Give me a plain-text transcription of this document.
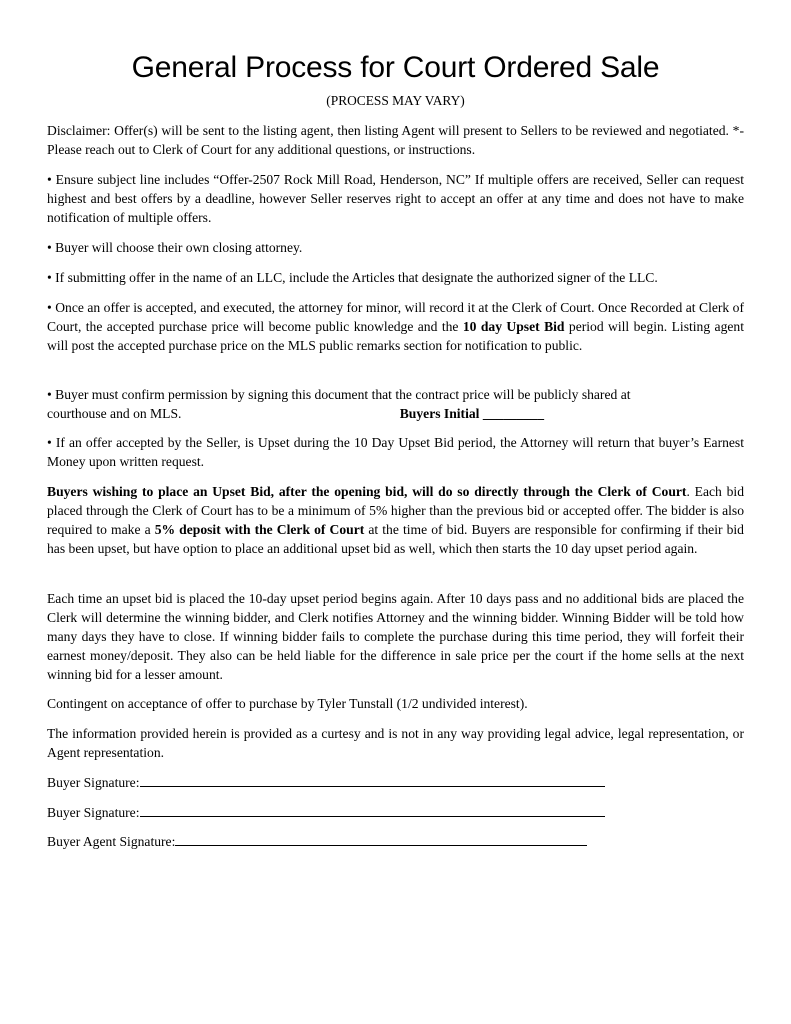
General Process for Court Ordered Sale
(PROCESS MAY VARY)

Disclaimer: Offer(s) will be sent to the listing agent, then listing Agent will present to Sellers to be reviewed and negotiated. *- Please reach out to Clerk of Court for any additional questions, or instructions.

• Ensure subject line includes “Offer-2507 Rock Mill Road, Henderson, NC” If multiple offers are received, Seller can request highest and best offers by a deadline, however Seller reserves right to accept an offer at any time and does not have to make notification of multiple offers.

• Buyer will choose their own closing attorney.

• If submitting offer in the name of an LLC, include the Articles that designate the authorized signer of the LLC.

• Once an offer is accepted, and executed, the attorney for minor, will record it at the Clerk of Court. Once Recorded at Clerk of Court, the accepted purchase price will become public knowledge and the 10 day Upset Bid period will begin. Listing agent will post the accepted purchase price on the MLS public remarks section for notification to public.

• Buyer must confirm permission by signing this document that the contract price will be publicly shared at
courthouse and on MLS.	Buyers Initial _________

• If an offer accepted by the Seller, is Upset during the 10 Day Upset Bid period, the Attorney will return that buyer’s Earnest Money upon written request.

Buyers wishing to place an Upset Bid, after the opening bid, will do so directly through the Clerk of Court. Each bid placed through the Clerk of Court has to be a minimum of 5% higher than the previous bid or accepted offer. The bidder is also required to make a 5% deposit with the Clerk of Court at the time of bid. Buyers are responsible for confirming if their bid has been upset, but have option to place an additional upset bid as well, which then starts the 10 day upset period again.

Each time an upset bid is placed the 10-day upset period begins again. After 10 days pass and no additional bids are placed the Clerk will determine the winning bidder, and Clerk notifies Attorney and the winning bidder. Winning Bidder will be told how many days they have to close. If winning bidder fails to complete the purchase during this time period, they will forfeit their earnest money/deposit. They also can be held liable for the difference in sale price per the court if the home sells at the next winning bid for a lesser amount.

Contingent on acceptance of offer to purchase by Tyler Tunstall (1/2 undivided interest).

The information provided herein is provided as a curtesy and is not in any way providing legal advice, legal representation, or Agent representation.

Buyer Signature:
Buyer Signature:
Buyer Agent Signature:
